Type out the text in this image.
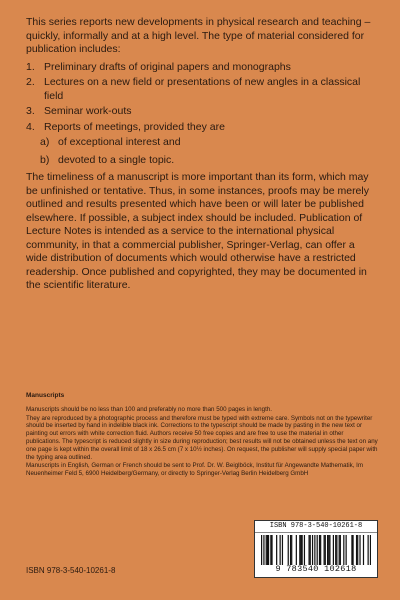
This series reports new developments in physical research and teaching – quickly, informally and at a high level. The type of material considered for publication includes:

1. Preliminary drafts of original papers and monographs
2. Lectures on a new field or presentations of new angles in a classical field
3. Seminar work-outs
4. Reports of meetings, provided they are
a) of exceptional interest and
b) devoted to a single topic.

The timeliness of a manuscript is more important than its form, which may be unfinished or tentative. Thus, in some instances, proofs may be merely outlined and results presented which have been or will later be published elsewhere. If possible, a subject index should be included. Publication of Lecture Notes is intended as a service to the international physical community, in that a commercial publisher, Springer-Verlag, can offer a wide distribution of documents which would otherwise have a restricted readership. Once published and copyrighted, they may be documented in the scientific literature.

Manuscripts

Manuscripts should be no less than 100 and preferably no more than 500 pages in length.

They are reproduced by a photographic process and therefore must be typed with extreme care. Symbols not on the typewriter should be inserted by hand in indelible black ink. Corrections to the typescript should be made by pasting in the new text or painting out errors with white correction fluid. Authors receive 50 free copies and are free to use the material in other publications. The typescript is reduced slightly in size during reproduction; best results will not be obtained unless the text on any one page is kept within the overall limit of 18 x 26.5 cm (7 x 10½ inches). On request, the publisher will supply special paper with the typing area outlined.

Manuscripts in English, German or French should be sent to Prof. Dr. W. Beiglböck, Institut für Angewandte Mathematik, Im Neuenheimer Feld 5, 6900 Heidelberg/Germany, or directly to Springer-Verlag Berlin Heidelberg GmbH

ISBN 978-3-540-10261-8
9 783540 102618
ISBN 978-3-540-10261-8
